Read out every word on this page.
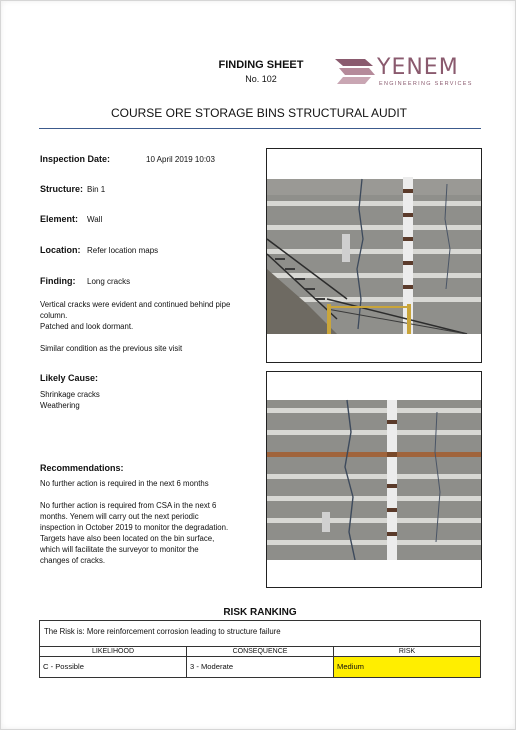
FINDING SHEET
No. 102	YENEM
ENGINEERING SERVICES
COURSE ORE STORAGE BINS STRUCTURAL AUDIT
Inspection Date:	10 April 2019 10:03
Structure: Bin 1
Element: Wall
Location: Refer location maps
Finding: Long cracks
Vertical cracks were evident and continued behind pipe
column.
Patched and look dormant.
Similar condition as the previous site visit
Likely Cause:
Shrinkage cracks
Weathering
Recommendations:
No further action is required in the next 6 months
No further action is required from CSA in the next 6
months. Yenem will carry out the next periodic
inspection in October 2019 to monitor the degradation.
Targets have also been located on the bin surface,
which will facilitate the surveyor to monitor the
changes of cracks.
RISK RANKING
The Risk is: More reinforcement corrosion leading to structure failure
LIKELIHOOD	CONSEQUENCE	RISK
C - Possible	3 - Moderate	Medium
